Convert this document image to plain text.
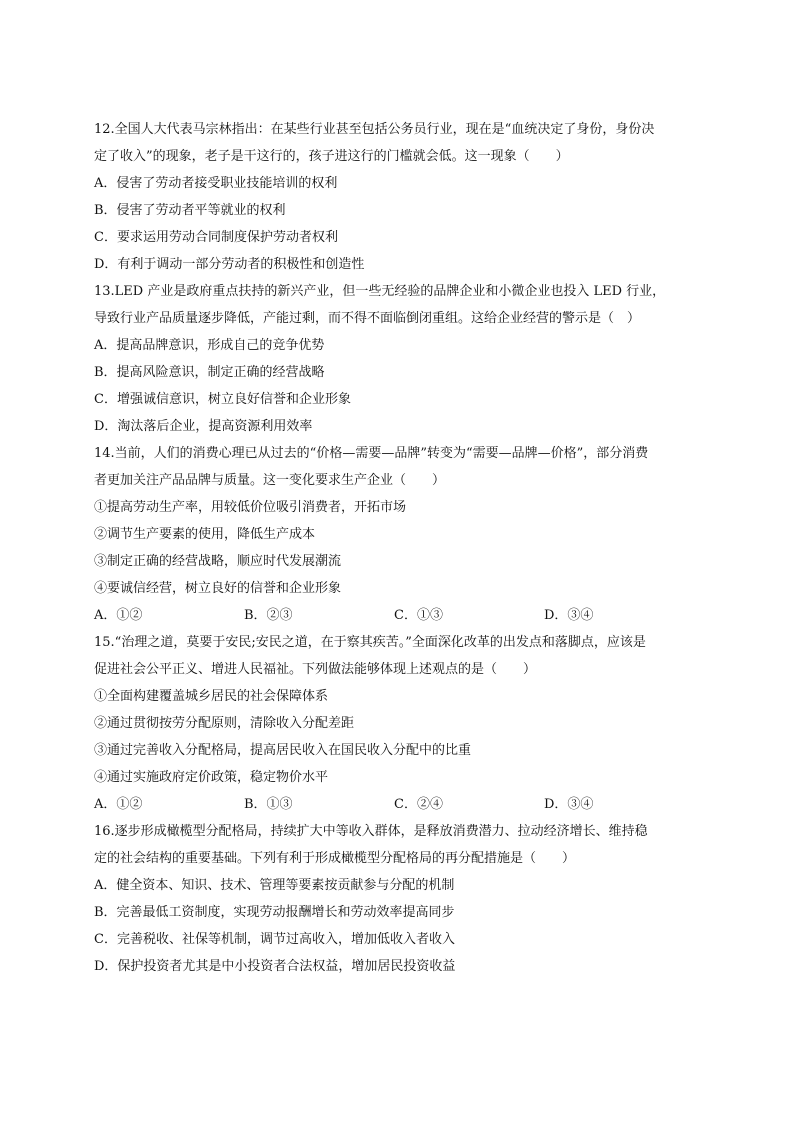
12.全国人大代表马宗林指出：在某些行业甚至包括公务员行业，现在是“血统决定了身份，身份决
定了收入”的现象，老子是干这行的，孩子进这行的门槛就会低。这一现象（　　）
A．侵害了劳动者接受职业技能培训的权利
B．侵害了劳动者平等就业的权利
C．要求运用劳动合同制度保护劳动者权利
D．有利于调动一部分劳动者的积极性和创造性
13.LED 产业是政府重点扶持的新兴产业，但一些无经验的品牌企业和小微企业也投入 LED 行业，
导致行业产品质量逐步降低，产能过剩，而不得不面临倒闭重组。这给企业经营的警示是（　）
A．提高品牌意识，形成自己的竞争优势
B．提高风险意识，制定正确的经营战略
C．增强诚信意识，树立良好信誉和企业形象
D．淘汰落后企业，提高资源利用效率
14.当前，人们的消费心理已从过去的“价格—需要—品牌”转变为“需要—品牌—价格”，部分消费
者更加关注产品品牌与质量。这一变化要求生产企业（　　）
①提高劳动生产率，用较低价位吸引消费者，开拓市场
②调节生产要素的使用，降低生产成本
③制定正确的经营战略，顺应时代发展潮流
④要诚信经营，树立良好的信誉和企业形象
A．①②	B．②③	C．①③	D．③④
15.“治理之道，莫要于安民;安民之道，在于察其疾苦。”全面深化改革的出发点和落脚点，应该是
促进社会公平正义、增进人民福祉。下列做法能够体现上述观点的是（　　）
①全面构建覆盖城乡居民的社会保障体系
②通过贯彻按劳分配原则，清除收入分配差距
③通过完善收入分配格局，提高居民收入在国民收入分配中的比重
④通过实施政府定价政策，稳定物价水平
A．①②	B．①③	C．②④	D．③④
16.逐步形成橄榄型分配格局，持续扩大中等收入群体，是释放消费潜力、拉动经济增长、维持稳
定的社会结构的重要基础。下列有利于形成橄榄型分配格局的再分配措施是（　　）
A．健全资本、知识、技术、管理等要素按贡献参与分配的机制
B．完善最低工资制度，实现劳动报酬增长和劳动效率提高同步
C．完善税收、社保等机制，调节过高收入，增加低收入者收入
D．保护投资者尤其是中小投资者合法权益，增加居民投资收益
